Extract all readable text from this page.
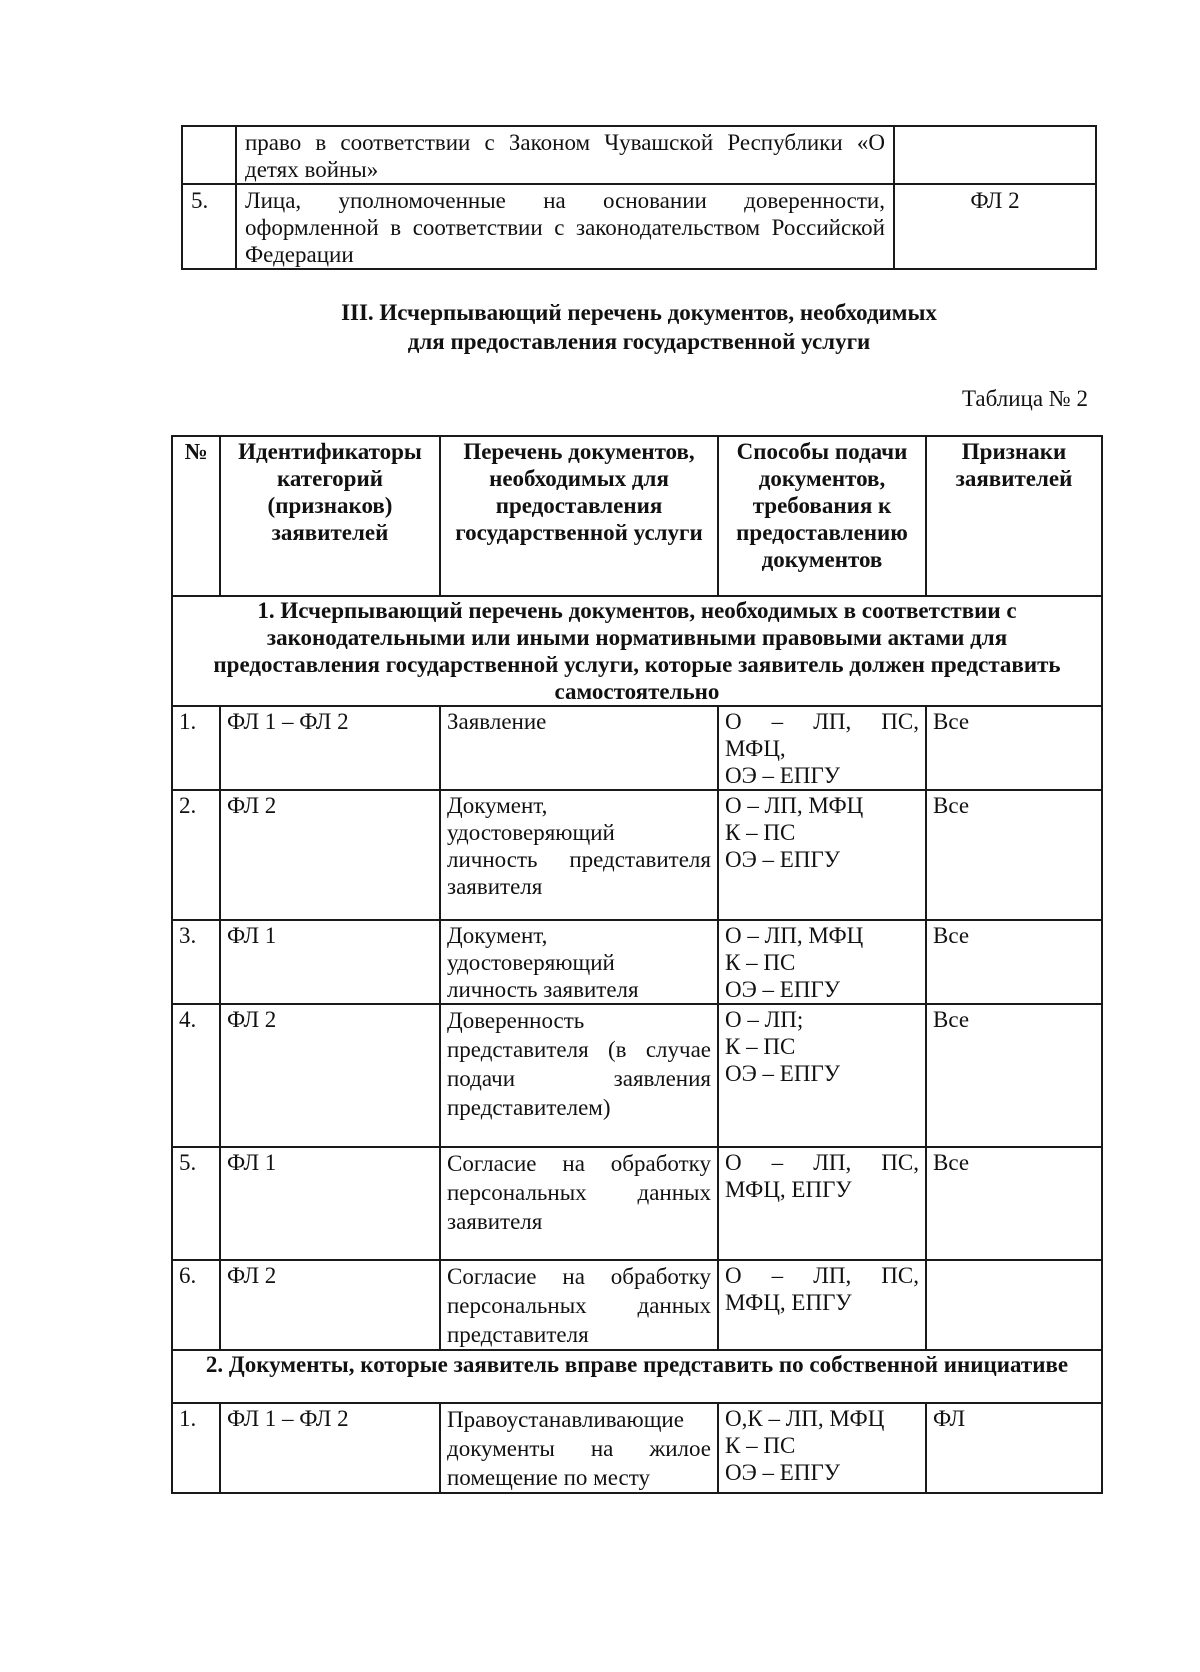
	право в соответствии с Законом Чувашской Республики «О детях войны»	
5.	Лица, уполномоченные на основании доверенности, оформленной в соответствии с законодательством Российской Федерации	ФЛ 2
III. Исчерпывающий перечень документов, необходимых
для предоставления государственной услуги
Таблица № 2
№	Идентификаторы категорий (признаков) заявителей	Перечень документов, необходимых для предоставления государственной услуги	Способы подачи документов, требования к предоставлению документов	Признаки заявителей
1. Исчерпывающий перечень документов, необходимых в соответствии с законодательными или иными нормативными правовыми актами для предоставления государственной услуги, которые заявитель должен представить самостоятельно				
1.	ФЛ 1 – ФЛ 2	Заявление	О – ЛП, ПС,
МФЦ,
ОЭ – ЕПГУ	Все
2.	ФЛ 2	Документ, удостоверяющий личность представителя заявителя	О – ЛП, МФЦ
К – ПС
ОЭ – ЕПГУ	Все
3.	ФЛ 1	Документ, удостоверяющий личность заявителя	О – ЛП, МФЦ
К – ПС
ОЭ – ЕПГУ	Все
4.	ФЛ 2	Доверенность представителя (в случае подачи заявления представителем)	О – ЛП;
К – ПС
ОЭ – ЕПГУ	Все
5.	ФЛ 1	Согласие на обработку персональных данных заявителя	О – ЛП, ПС,
МФЦ, ЕПГУ	Все
6.	ФЛ 2	Согласие на обработку персональных данных представителя	О – ЛП, ПС,
МФЦ, ЕПГУ	

2. Документы, которые заявитель вправе представить по собственной инициативе				
1.	ФЛ 1 – ФЛ 2	Правоустанавливающие документы на жилое помещение по месту	О,К – ЛП, МФЦ
К – ПС
ОЭ – ЕПГУ	ФЛ
